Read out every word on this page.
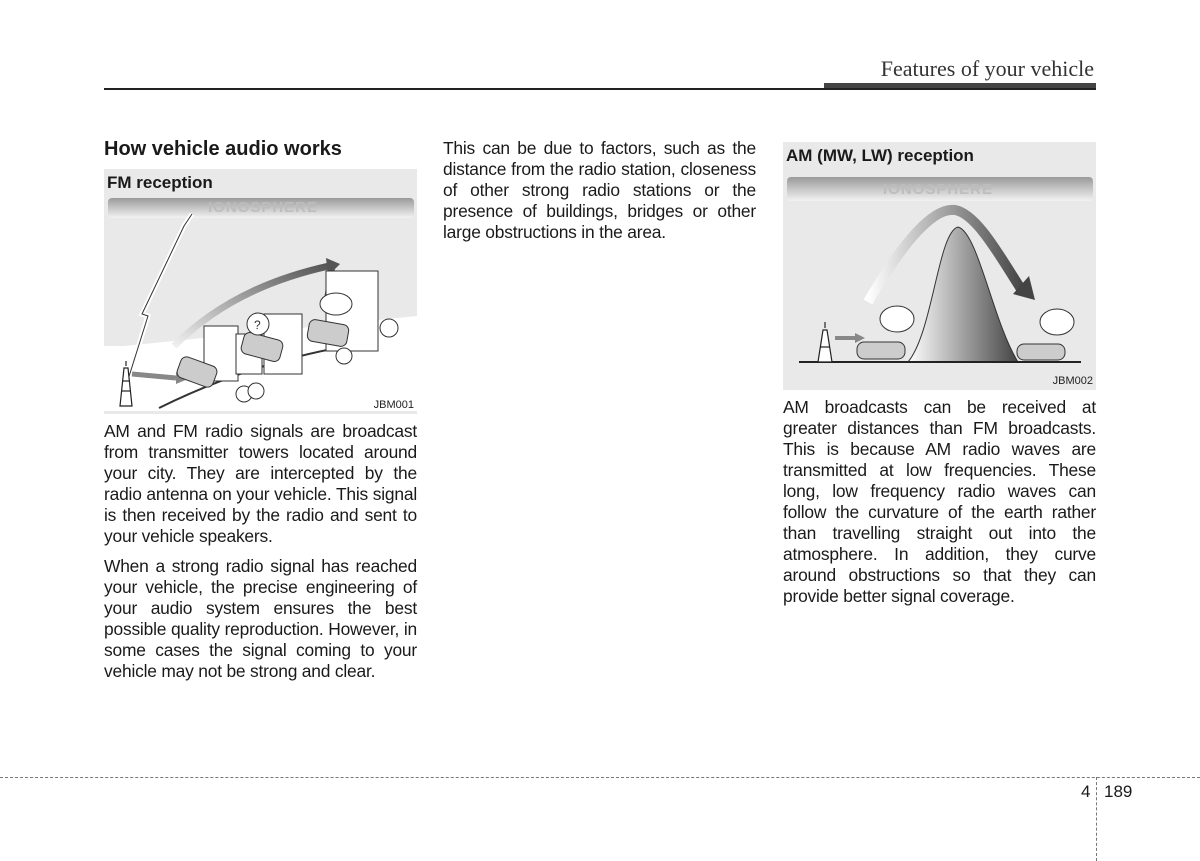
Features of your vehicle
How vehicle audio works
FM reception
IONOSPHERE
?
JBM001

AM and FM radio signals are broadcast from transmitter towers located around your city. They are intercepted by the radio antenna on your vehicle. This signal is then received by the radio and sent to your vehicle speakers.

When a strong radio signal has reached your vehicle, the precise engineering of your audio system ensures the best possible quality reproduction. However, in some cases the signal coming to your vehicle may not be strong and clear.

This can be due to factors, such as the distance from the radio station, closeness of other strong radio stations or the presence of buildings, bridges or other large obstructions in the area.

AM (MW, LW) reception
IONOSPHERE
JBM002

AM broadcasts can be received at greater distances than FM broadcasts. This is because AM radio waves are transmitted at low frequencies. These long, low frequency radio waves can follow the curvature of the earth rather than travelling straight out into the atmosphere. In addition, they curve around obstructions so that they can provide better signal coverage.

4 189
